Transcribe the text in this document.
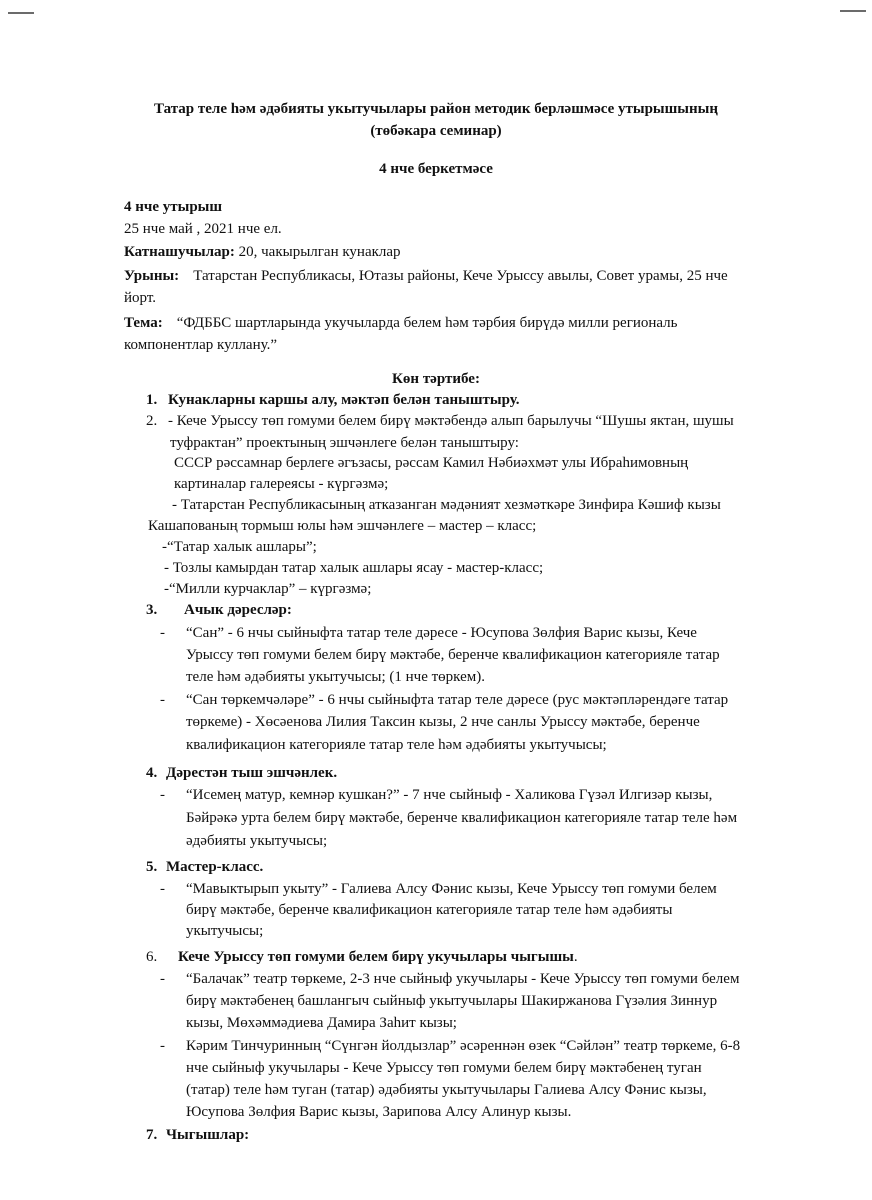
Татар теле һәм әдәбияты укытучылары район методик берләшмәсе утырышының

(төбәкара семинар)

4 нче беркетмәсе

4 нче утырыш
25 нче май , 2021 нче ел.
Катнашучылар: 20, чакырылган кунаклар
Урыны: Татарстан Республикасы, Ютазы районы, Кече Урыссу авылы, Совет урамы, 25 нче
йорт.
Тема: “ФДББС шартларында укучыларда белем һәм тәрбия бирүдә милли региональ
компонентлар куллану.”
Көн тәртибе:
1. Кунакларны каршы алу, мәктәп белән таныштыру.
2. - Кече Урыссу төп гомуми белем бирү мәктәбендә алып барылучы “Шушы яктан, шушы
туфрактан” проектының эшчәнлеге белән таныштыру:
СССР рәссамнар берлеге әгъзасы, рәссам Камил Нәбиәхмәт улы Ибраһимовның
картиналар галереясы - күргәзмә;
- Татарстан Республикасының атказанган мәдәният хезмәткәре Зинфира Кәшиф кызы
Кашапованың тормыш юлы һәм эшчәнлеге – мастер – класс;
-“Татар халык ашлары”;
- Тозлы камырдан татар халык ашлары ясау - мастер-класс;
-“Милли курчаклар” – күргәзмә;
3. Ачык дәресләр:
- “Сан” - 6 нчы сыйныфта татар теле дәресе - Юсупова Зөлфия Варис кызы, Кече
Урыссу төп гомуми белем бирү мәктәбе, беренче квалификацион категорияле татар
теле һәм әдәбияты укытучысы; (1 нче төркем).
- “Сан төркемчәләре” - 6 нчы сыйныфта татар теле дәресе (рус мәктәпләрендәге татар
төркеме) - Хөсәенова Лилия Таксин кызы, 2 нче санлы Урыссу мәктәбе, беренче
квалификацион категорияле татар теле һәм әдәбияты укытучысы;
4. Дәрестән тыш эшчәнлек.
- “Исемең матур, кемнәр кушкан?” - 7 нче сыйныф - Халикова Гүзәл Илгизәр кызы,
Бәйрәкә урта белем бирү мәктәбе, беренче квалификацион категорияле татар теле һәм
әдәбияты укытучысы;
5. Мастер-класс.
- “Мавыктырып укыту” - Галиева Алсу Фәнис кызы, Кече Урыссу төп гомуми белем
бирү мәктәбе, беренче квалификацион категорияле татар теле һәм әдәбияты
укытучысы;
6. Кече Урыссу төп гомуми белем бирү укучылары чыгышы.
- “Балачак” театр төркеме, 2-3 нче сыйныф укучылары - Кече Урыссу төп гомуми белем
бирү мәктәбенең башлангыч сыйныф укытучылары Шакиржанова Гүзәлия Зиннур
кызы, Мөхәммәдиева Дамира Заһит кызы;
- Кәрим Тинчуринның “Сүнгән йолдызлар” әсәреннән өзек “Сәйлән” театр төркеме, 6-8
нче сыйныф укучылары - Кече Урыссу төп гомуми белем бирү мәктәбенең туган
(татар) теле һәм туган (татар) әдәбияты укытучылары Галиева Алсу Фәнис кызы,
Юсупова Зөлфия Варис кызы, Зарипова Алсу Алинур кызы.
7. Чыгышлар:
